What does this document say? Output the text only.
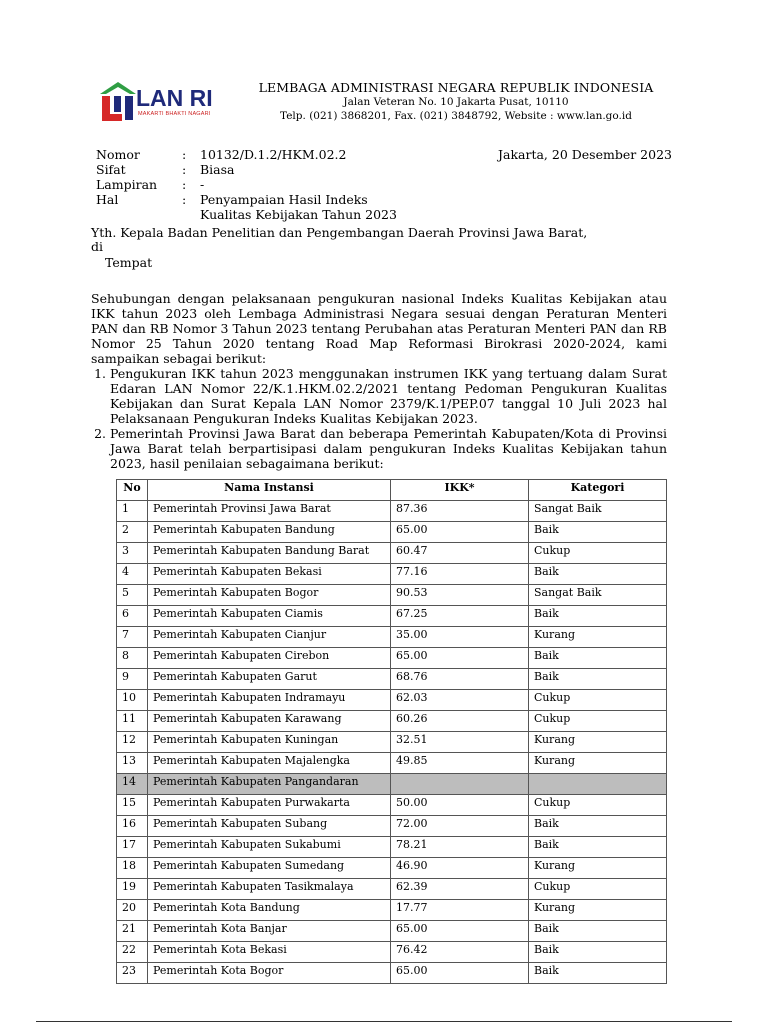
LAN RI
MAKARTI BHAKTI NAGARI
LEMBAGA ADMINISTRASI NEGARA REPUBLIK INDONESIA
Jalan Veteran No. 10 Jakarta Pusat, 10110
Telp. (021) 3868201, Fax. (021) 3848792, Website : www.lan.go.id
Nomor	:	10132/D.1.2/HKM.02.2
Sifat	:	Biasa
Lampiran	:	-
Hal	:	Penyampaian Hasil Indeks
Kualitas Kebijakan Tahun 2023
Jakarta, 20 Desember 2023
Yth. Kepala Badan Penelitian dan Pengembangan Daerah Provinsi Jawa Barat,
di
Tempat

Sehubungan dengan pelaksanaan pengukuran nasional Indeks Kualitas Kebijakan atau IKK tahun 2023 oleh Lembaga Administrasi Negara sesuai dengan Peraturan Menteri PAN dan RB Nomor 3 Tahun 2023 tentang Perubahan atas Peraturan Menteri PAN dan RB Nomor 25 Tahun 2020 tentang Road Map Reformasi Birokrasi 2020-2024, kami sampaikan sebagai berikut:

1. Pengukuran IKK tahun 2023 menggunakan instrumen IKK yang tertuang dalam Surat Edaran LAN Nomor 22/K.1.HKM.02.2/2021 tentang Pedoman Pengukuran Kualitas Kebijakan dan Surat Kepala LAN Nomor 2379/K.1/PEP.07 tanggal 10 Juli 2023 hal Pelaksanaan Pengukuran Indeks Kualitas Kebijakan 2023.
2. Pemerintah Provinsi Jawa Barat dan beberapa Pemerintah Kabupaten/Kota di Provinsi Jawa Barat telah berpartisipasi dalam pengukuran Indeks Kualitas Kebijakan tahun 2023, hasil penilaian sebagaimana berikut:
No	Nama Instansi	IKK*	Kategori
1	Pemerintah Provinsi Jawa Barat	87.36	Sangat Baik
2	Pemerintah Kabupaten Bandung	65.00	Baik
3	Pemerintah Kabupaten Bandung Barat	60.47	Cukup
4	Pemerintah Kabupaten Bekasi	77.16	Baik
5	Pemerintah Kabupaten Bogor	90.53	Sangat Baik
6	Pemerintah Kabupaten Ciamis	67.25	Baik
7	Pemerintah Kabupaten Cianjur	35.00	Kurang
8	Pemerintah Kabupaten Cirebon	65.00	Baik
9	Pemerintah Kabupaten Garut	68.76	Baik
10	Pemerintah Kabupaten Indramayu	62.03	Cukup
11	Pemerintah Kabupaten Karawang	60.26	Cukup
12	Pemerintah Kabupaten Kuningan	32.51	Kurang
13	Pemerintah Kabupaten Majalengka	49.85	Kurang
14	Pemerintah Kabupaten Pangandaran		
15	Pemerintah Kabupaten Purwakarta	50.00	Cukup
16	Pemerintah Kabupaten Subang	72.00	Baik
17	Pemerintah Kabupaten Sukabumi	78.21	Baik
18	Pemerintah Kabupaten Sumedang	46.90	Kurang
19	Pemerintah Kabupaten Tasikmalaya	62.39	Cukup
20	Pemerintah Kota Bandung	17.77	Kurang
21	Pemerintah Kota Banjar	65.00	Baik
22	Pemerintah Kota Bekasi	76.42	Baik
23	Pemerintah Kota Bogor	65.00	Baik
